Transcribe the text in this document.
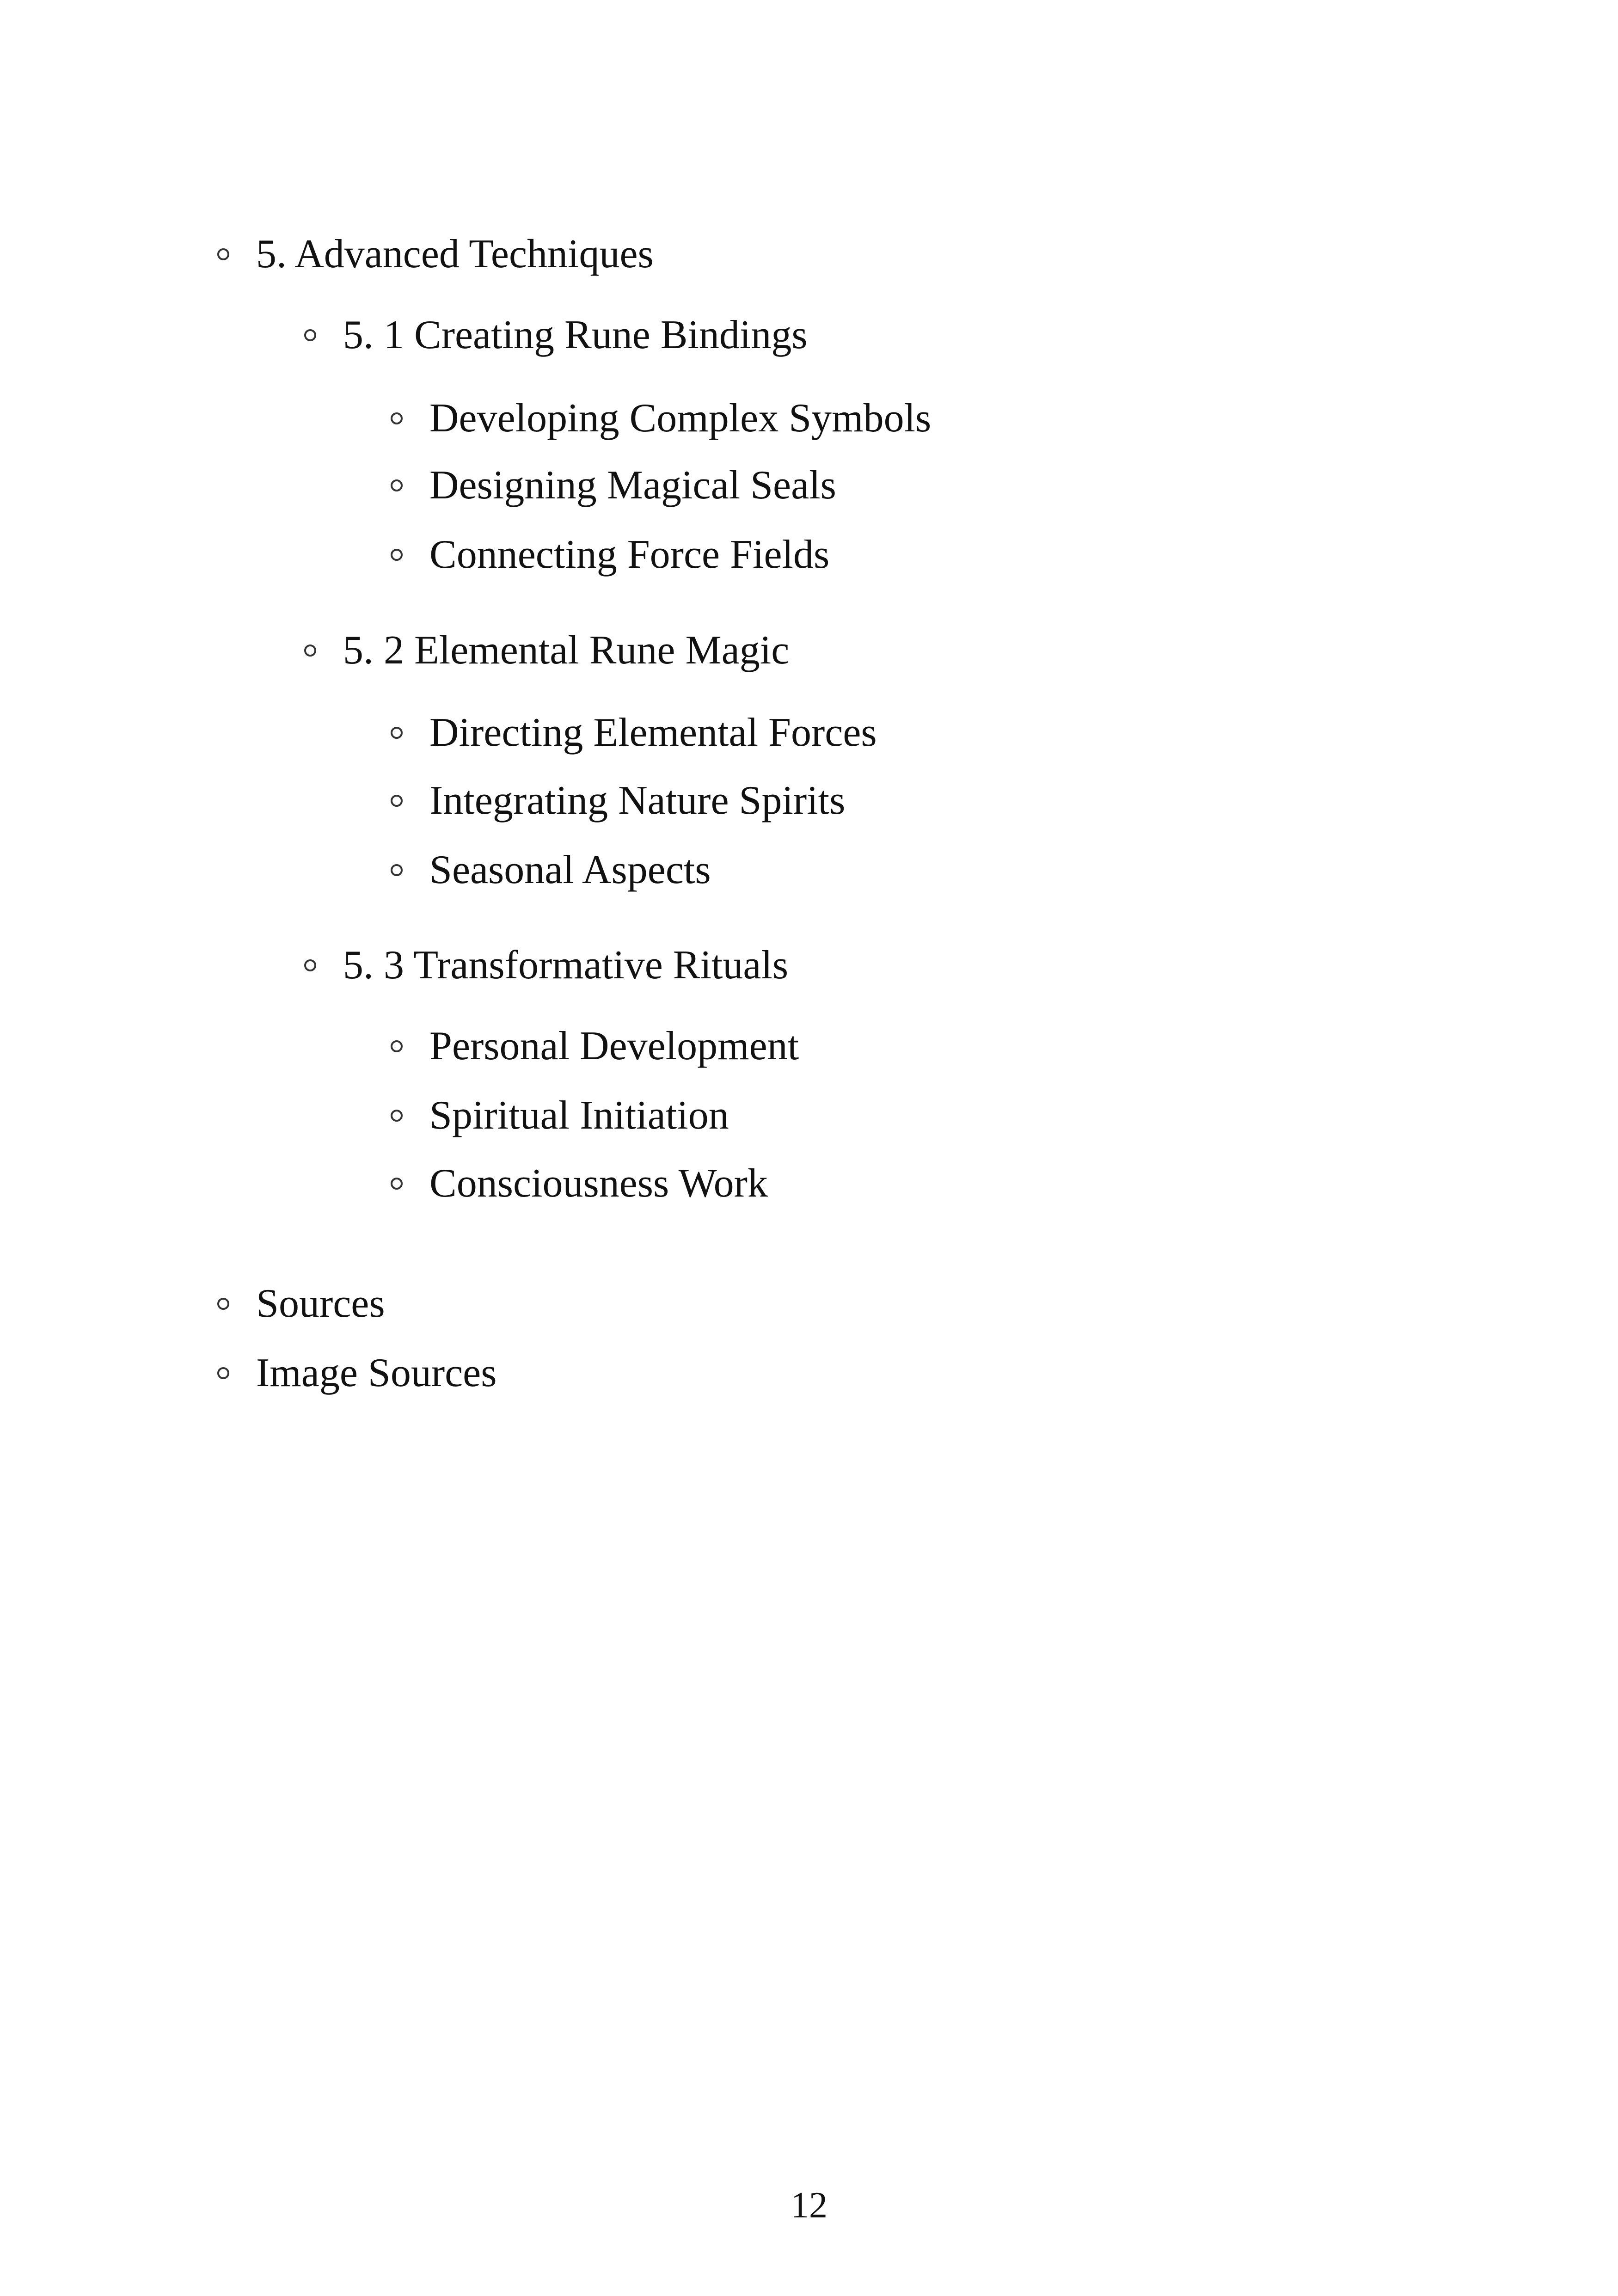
5. Advanced Techniques
5. 1 Creating Rune Bindings
Developing Complex Symbols
Designing Magical Seals
Connecting Force Fields
5. 2 Elemental Rune Magic
Directing Elemental Forces
Integrating Nature Spirits
Seasonal Aspects
5. 3 Transformative Rituals
Personal Development
Spiritual Initiation
Consciousness Work
Sources
Image Sources
12
